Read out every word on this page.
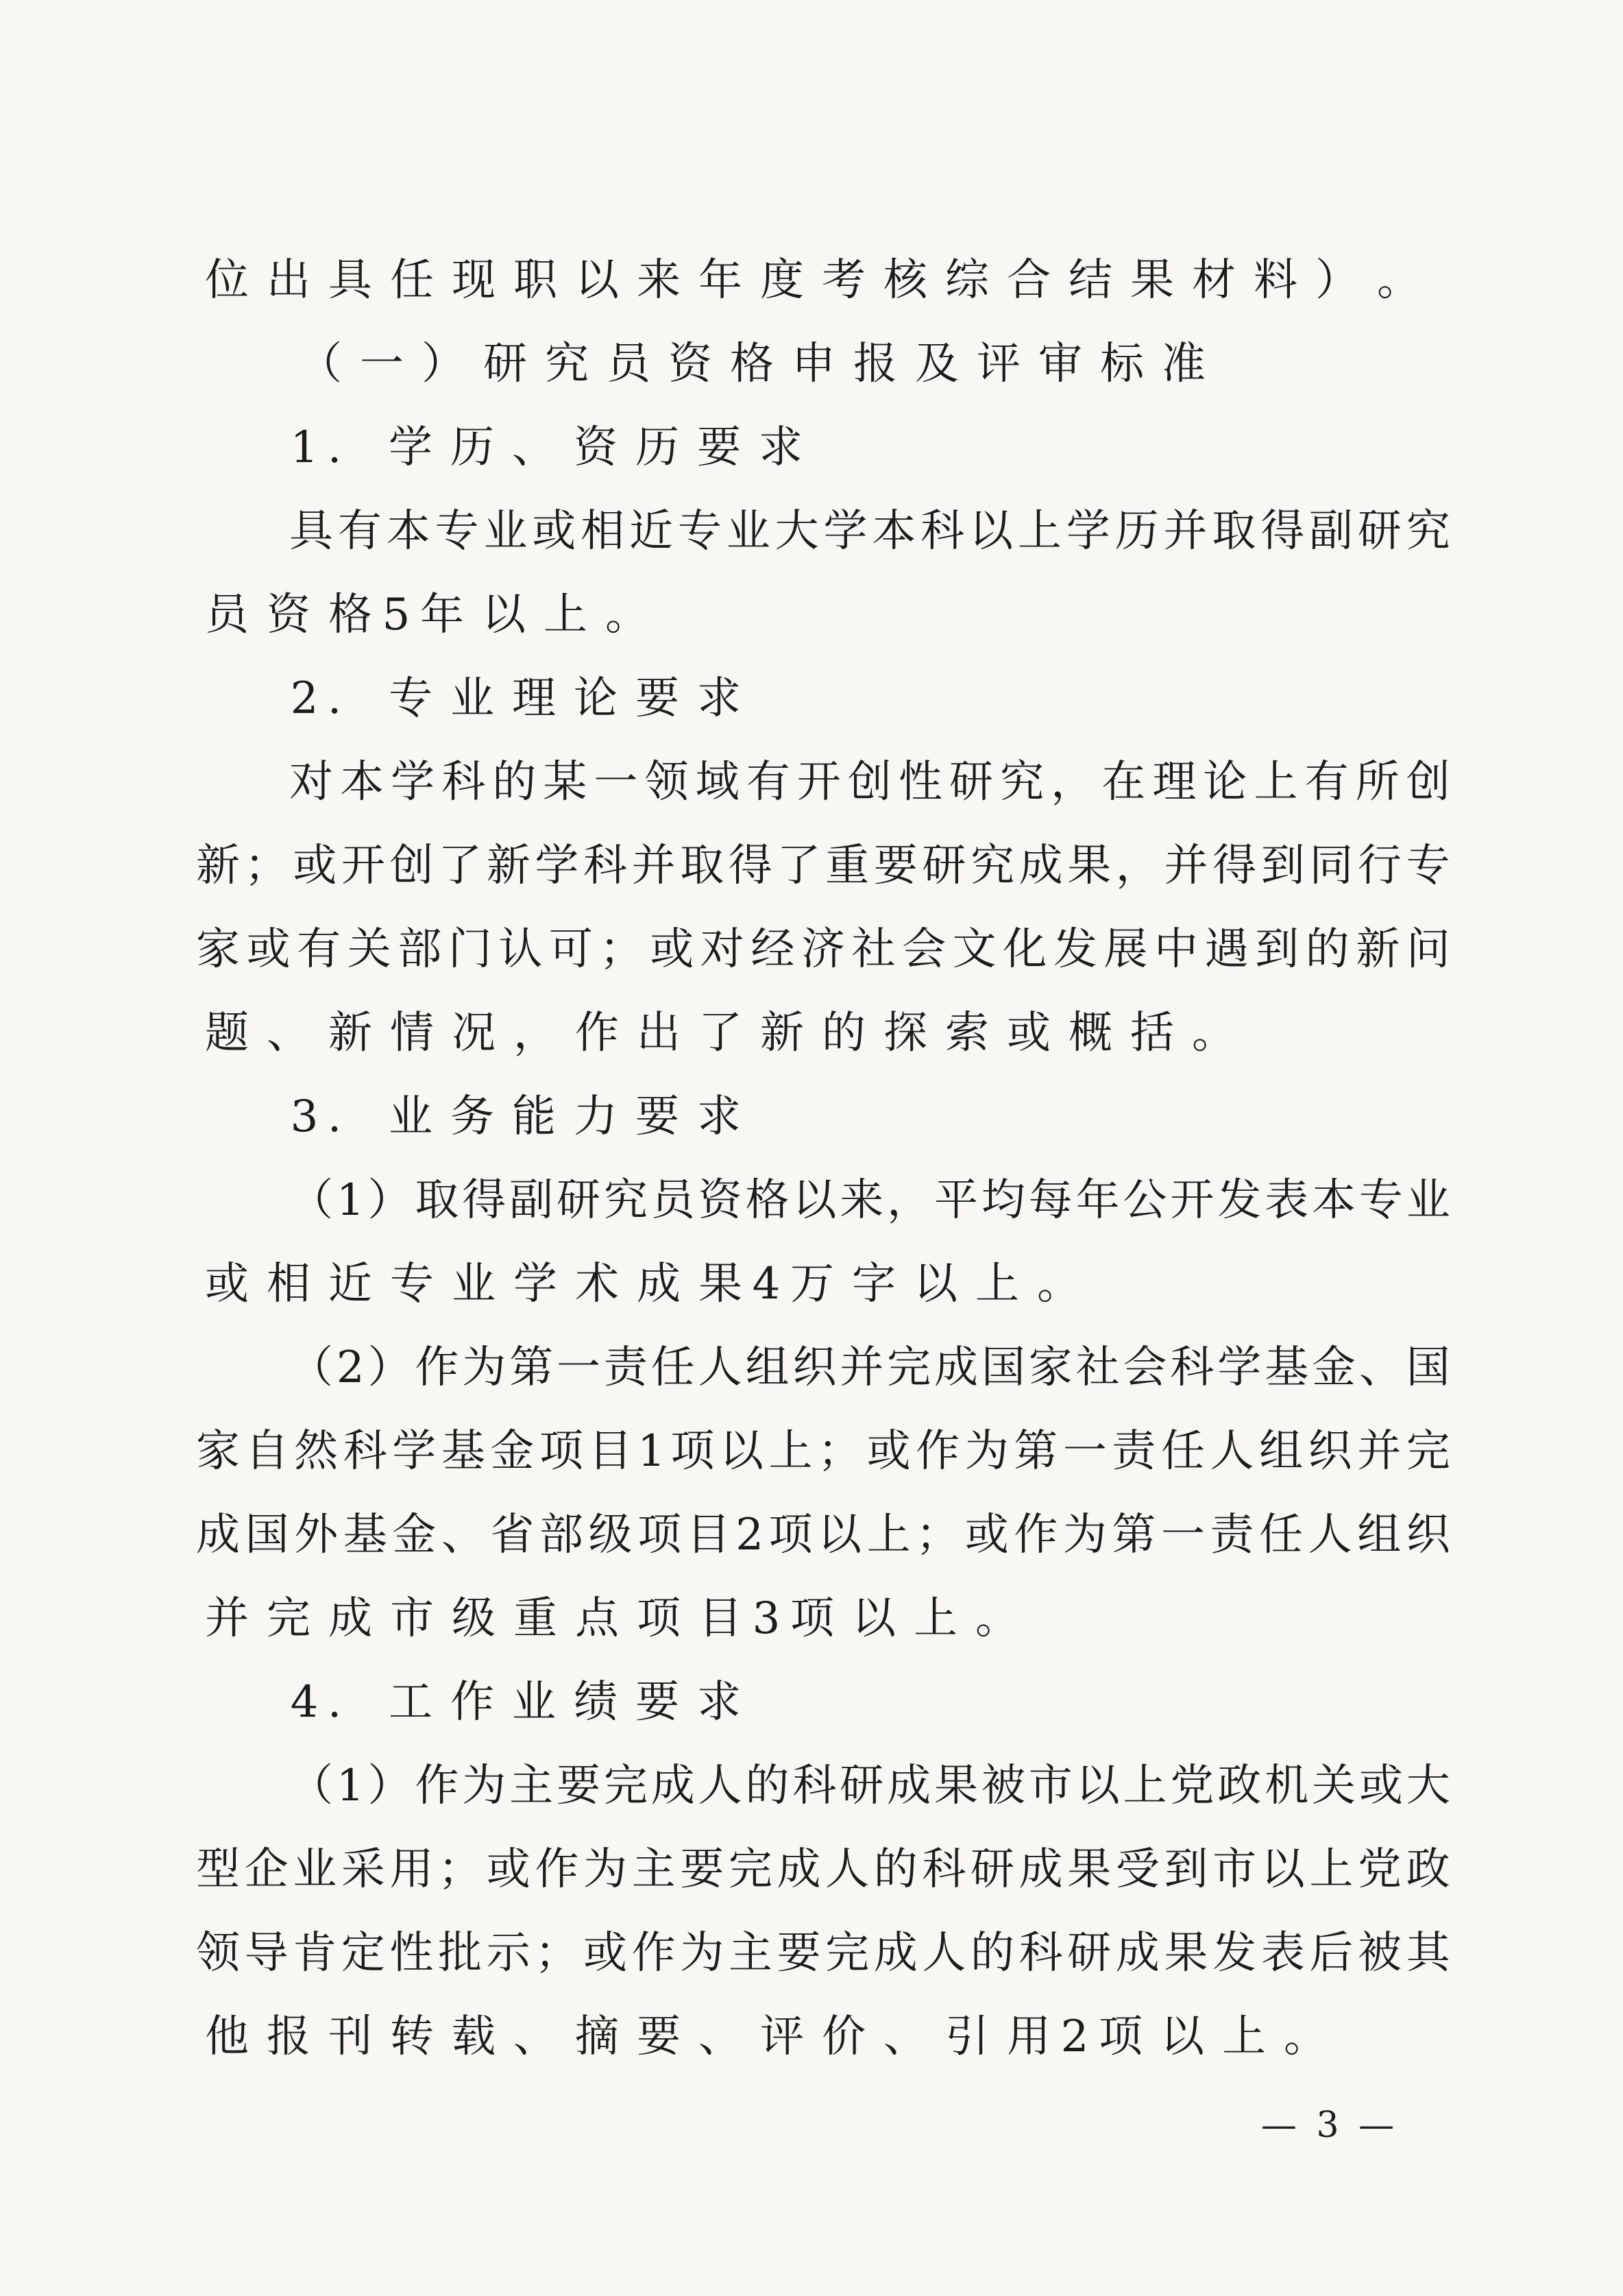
位 出 具 任 现 职 以 来 年 度 考 核 综 合 结 果 材 料 ） 。
（ 一 ） 研 究 员 资 格 申 报 及 评 审 标 准
1 . 学 历 、 资 历 要 求
具 有 本 专 业 或 相 近 专 业 大 学 本 科 以 上 学 历 并 取 得 副 研 究
员 资 格 5 年 以 上 。
2 . 专 业 理 论 要 求
对 本 学 科 的 某 一 领 域 有 开 创 性 研 究 ， 在 理 论 上 有 所 创
新 ； 或 开 创 了 新 学 科 并 取 得 了 重 要 研 究 成 果 ， 并 得 到 同 行 专
家 或 有 关 部 门 认 可 ； 或 对 经 济 社 会 文 化 发 展 中 遇 到 的 新 问
题 、 新 情 况 ， 作 出 了 新 的 探 索 或 概 括 。
3 . 业 务 能 力 要 求
（ 1 ） 取 得 副 研 究 员 资 格 以 来 ， 平 均 每 年 公 开 发 表 本 专 业
或 相 近 专 业 学 术 成 果 4 万 字 以 上 。
（ 2 ） 作 为 第 一 责 任 人 组 织 并 完 成 国 家 社 会 科 学 基 金 、 国
家 自 然 科 学 基 金 项 目 1 项 以 上 ； 或 作 为 第 一 责 任 人 组 织 并 完
成 国 外 基 金 、 省 部 级 项 目 2 项 以 上 ； 或 作 为 第 一 责 任 人 组 织
并 完 成 市 级 重 点 项 目 3 项 以 上 。
4 . 工 作 业 绩 要 求
（ 1 ） 作 为 主 要 完 成 人 的 科 研 成 果 被 市 以 上 党 政 机 关 或 大
型 企 业 采 用 ； 或 作 为 主 要 完 成 人 的 科 研 成 果 受 到 市 以 上 党 政
领 导 肯 定 性 批 示 ； 或 作 为 主 要 完 成 人 的 科 研 成 果 发 表 后 被 其
他 报 刊 转 载 、 摘 要 、 评 价 、 引 用 2 项 以 上 。
— 3 —
